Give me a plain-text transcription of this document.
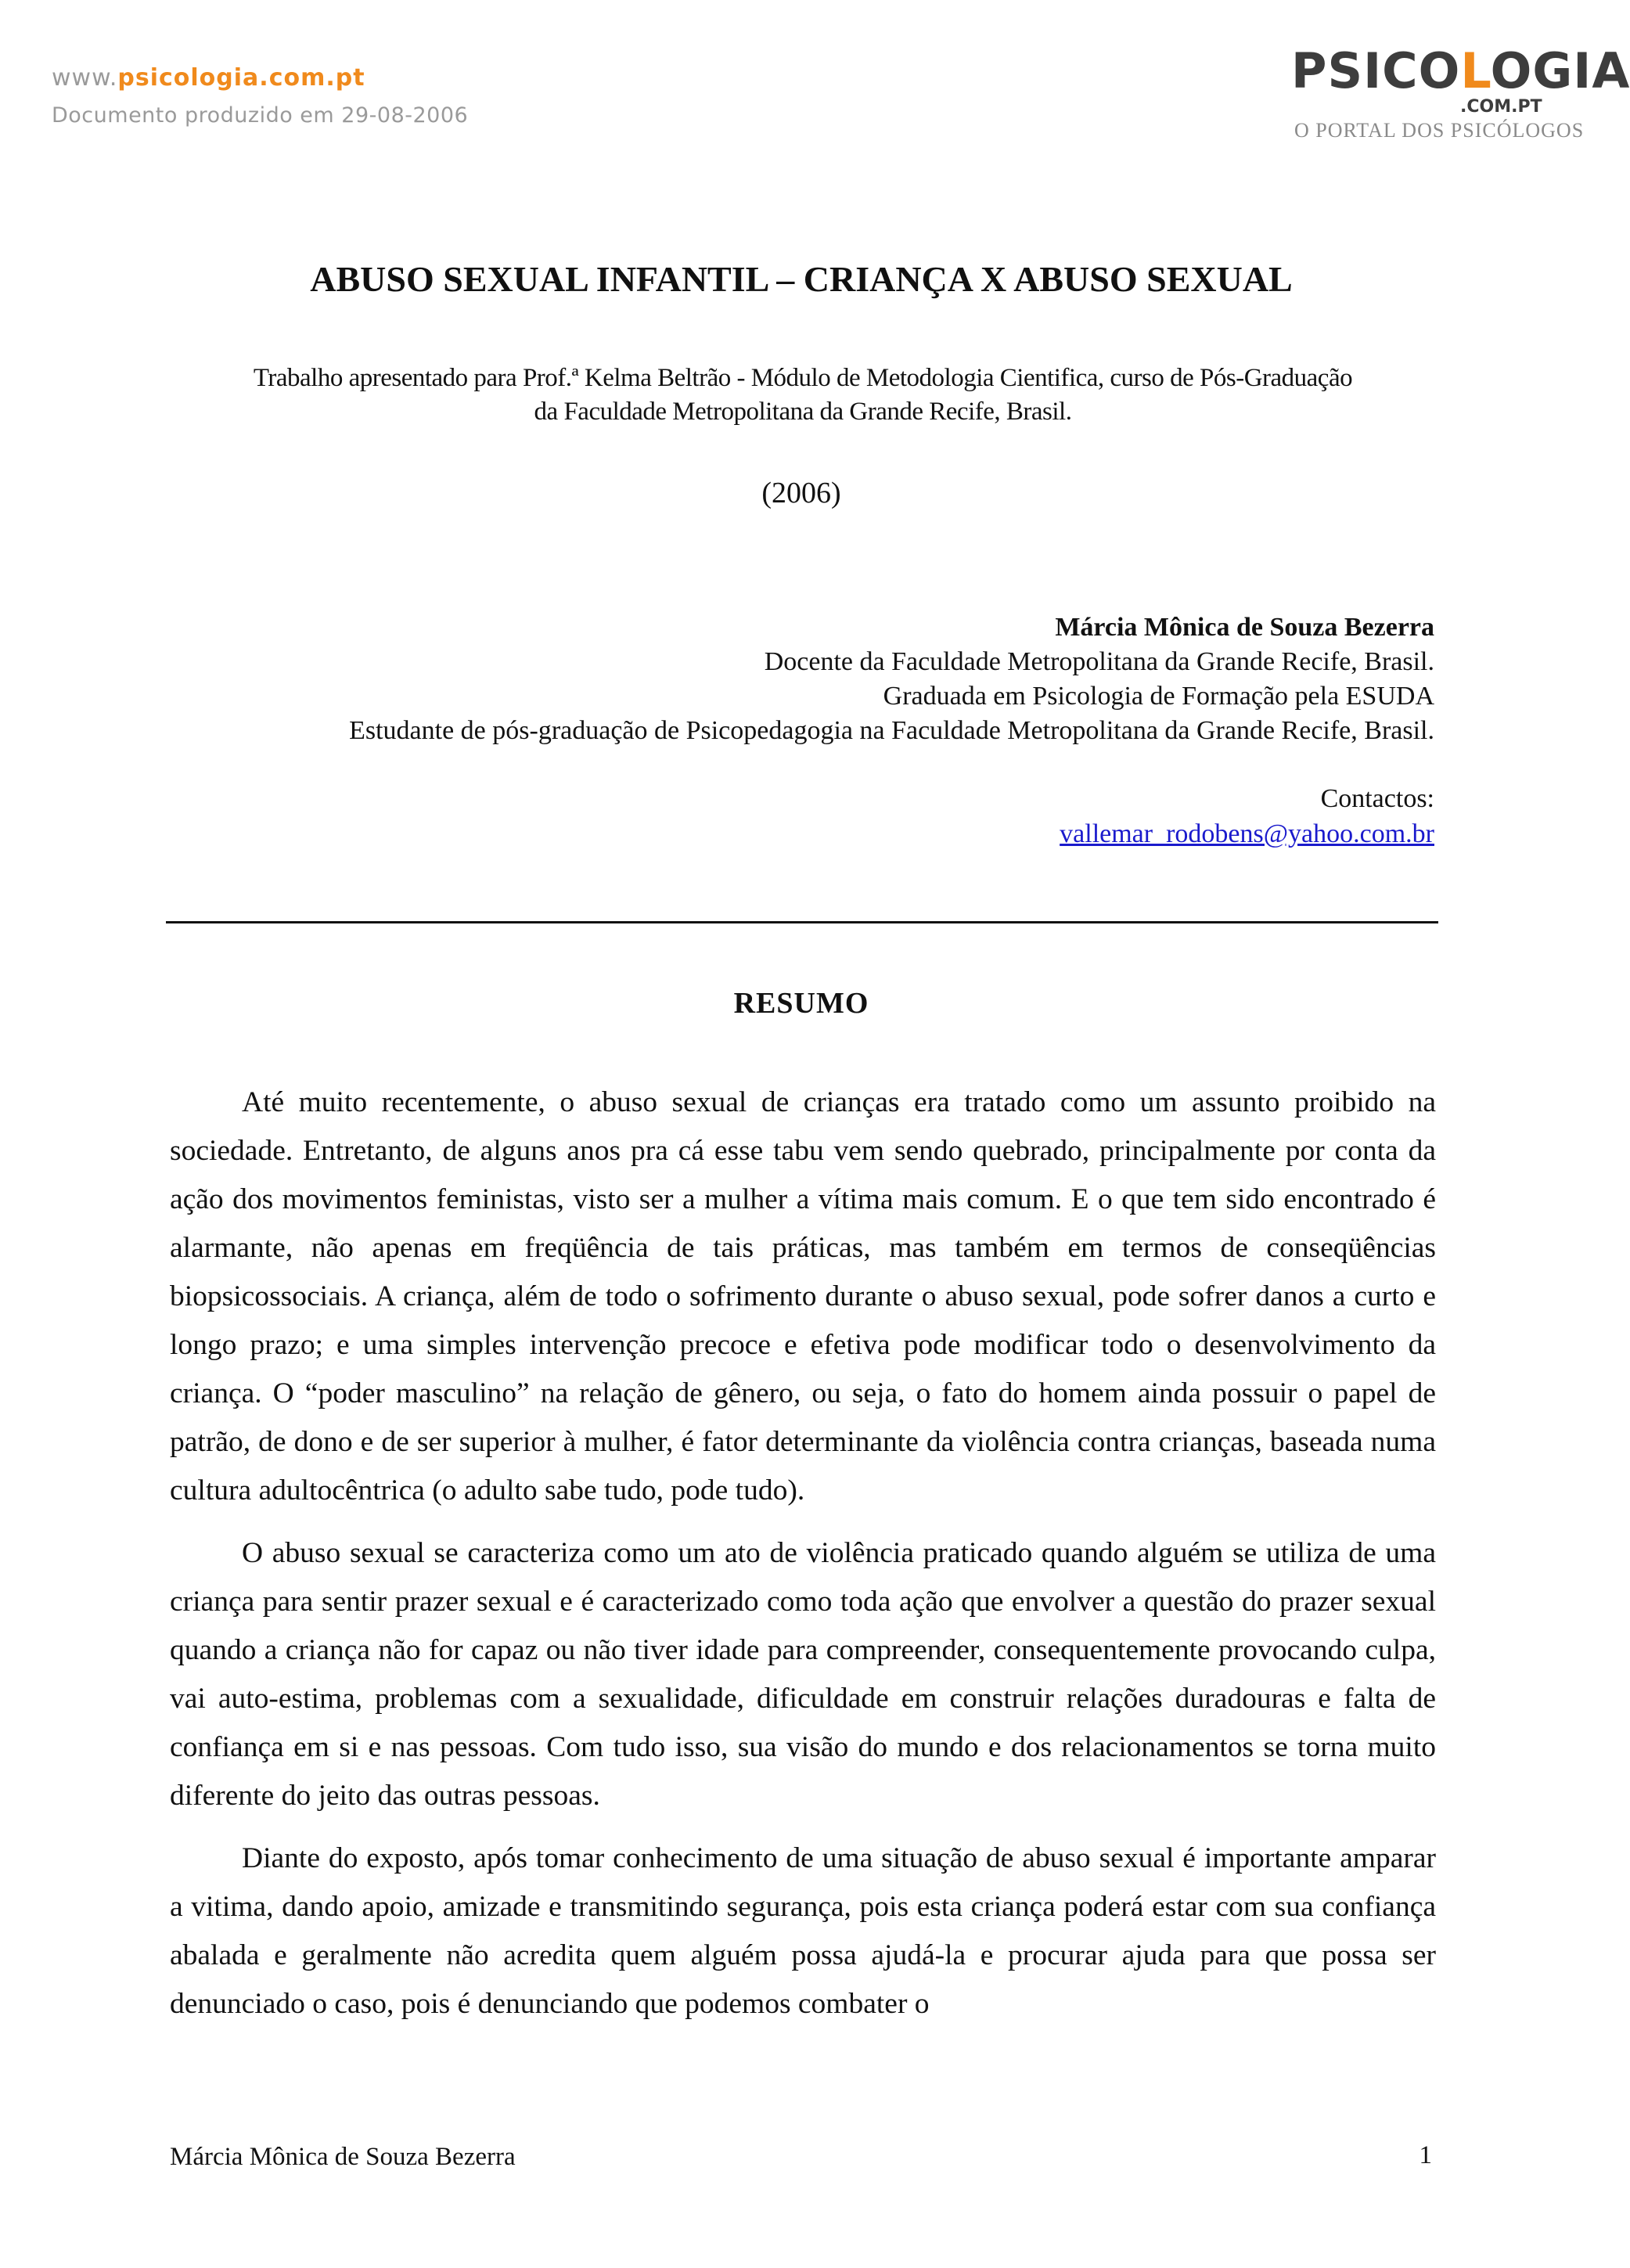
www.psicologia.com.pt
Documento produzido em 29-08-2006
PSICOLOGIA
.COM.PT
O PORTAL DOS PSICÓLOGOS
ABUSO SEXUAL INFANTIL – CRIANÇA X ABUSO SEXUAL
Trabalho apresentado para Prof.ª Kelma Beltrão - Módulo de Metodologia Cientifica, curso de Pós-Graduação
da Faculdade Metropolitana da Grande Recife, Brasil.
(2006)
Márcia Mônica de Souza Bezerra
Docente da Faculdade Metropolitana da Grande Recife, Brasil.
Graduada em Psicologia de Formação pela ESUDA
Estudante de pós-graduação de Psicopedagogia na Faculdade Metropolitana da Grande Recife, Brasil.
Contactos:
vallemar_rodobens@yahoo.com.br
RESUMO

Até muito recentemente, o abuso sexual de crianças era tratado como um assunto proibido na sociedade. Entretanto, de alguns anos pra cá esse tabu vem sendo quebrado, principalmente por conta da ação dos movimentos feministas, visto ser a mulher a vítima mais comum. E o que tem sido encontrado é alarmante, não apenas em freqüência de tais práticas, mas também em termos de conseqüências biopsicossociais. A criança, além de todo o sofrimento durante o abuso sexual, pode sofrer danos a curto e longo prazo; e uma simples intervenção precoce e efetiva pode modificar todo o desenvolvimento da criança. O “poder masculino” na relação de gênero, ou seja, o fato do homem ainda possuir o papel de patrão, de dono e de ser superior à mulher, é fator determinante da violência contra crianças, baseada numa cultura adultocêntrica (o adulto sabe tudo, pode tudo).

O abuso sexual se caracteriza como um ato de violência praticado quando alguém se utiliza de uma criança para sentir prazer sexual e é caracterizado como toda ação que envolver a questão do prazer sexual quando a criança não for capaz ou não tiver idade para compreender, consequentemente provocando culpa, vai auto-estima, problemas com a sexualidade, dificuldade em construir relações duradouras e falta de confiança em si e nas pessoas. Com tudo isso, sua visão do mundo e dos relacionamentos se torna muito diferente do jeito das outras pessoas.

Diante do exposto, após tomar conhecimento de uma situação de abuso sexual é importante amparar a vitima, dando apoio, amizade e transmitindo segurança, pois esta criança poderá estar com sua confiança abalada e geralmente não acredita quem alguém possa ajudá-la e procurar ajuda para que possa ser denunciado o caso, pois é denunciando que podemos combater o

Márcia Mônica de Souza Bezerra	1
